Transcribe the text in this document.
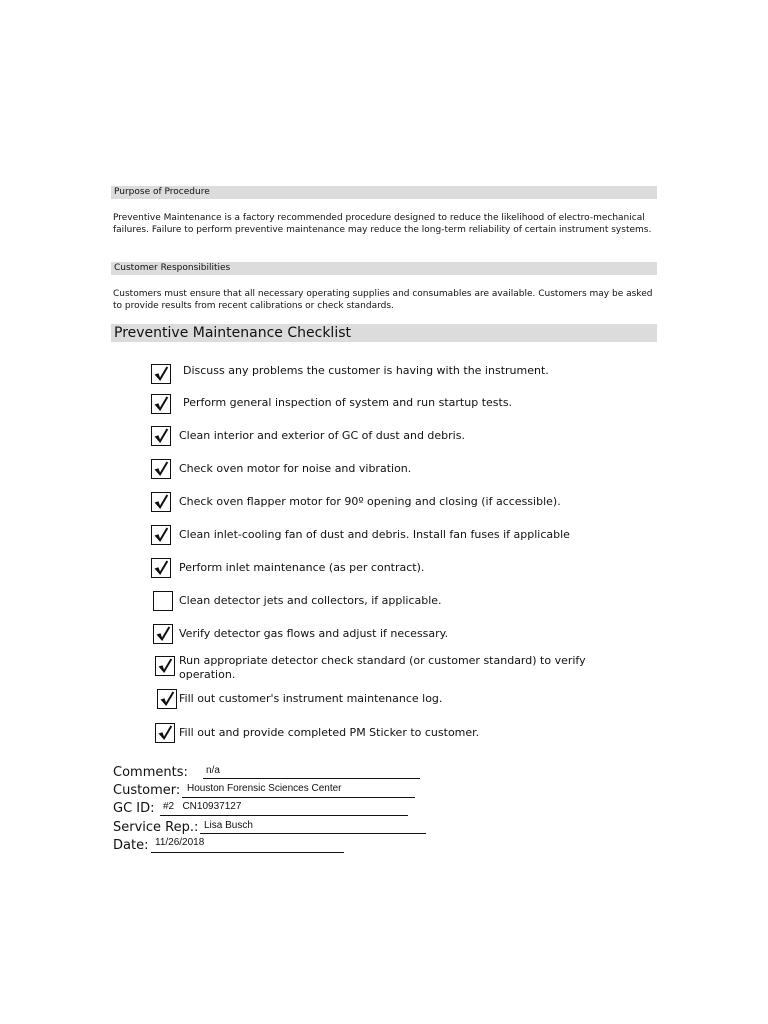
Purpose of Procedure

Preventive Maintenance is a factory recommended procedure designed to reduce the likelihood of electro-mechanical failures. Failure to perform preventive maintenance may reduce the long-term reliability of certain instrument systems.

Customer Responsibilities

Customers must ensure that all necessary operating supplies and consumables are available. Customers may be asked to provide results from recent calibrations or check standards.

Preventive Maintenance Checklist
Discuss any problems the customer is having with the instrument.
Perform general inspection of system and run startup tests.
Clean interior and exterior of GC of dust and debris.
Check oven motor for noise and vibration.
Check oven flapper motor for 90º opening and closing (if accessible).
Clean inlet-cooling fan of dust and debris. Install fan fuses if applicable
Perform inlet maintenance (as per contract).
Clean detector jets and collectors, if applicable.
Verify detector gas flows and adjust if necessary.
Run appropriate detector check standard (or customer standard) to verify operation.
Fill out customer's instrument maintenance log.
Fill out and provide completed PM Sticker to customer.
Comments: n/a
Customer: Houston Forensic Sciences Center
GC ID: #2   CN10937127
Service Rep.: Lisa Busch
Date: 11/26/2018
